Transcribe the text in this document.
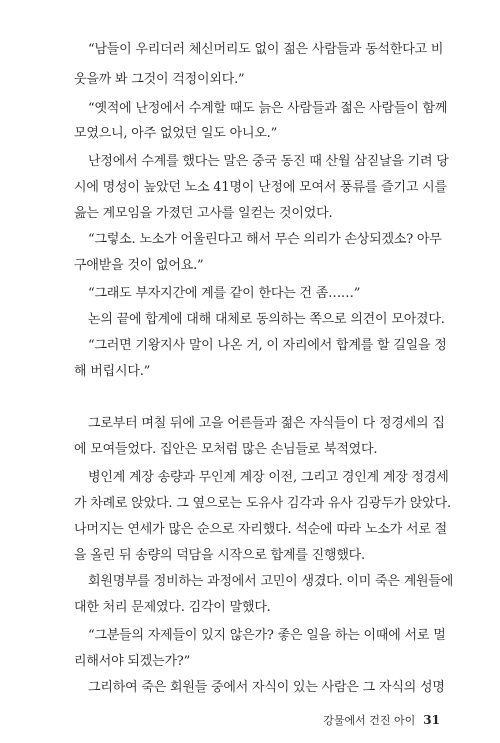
“남들이 우리더러 체신머리도 없이 젊은 사람들과 동석한다고 비
웃을까 봐 그것이 걱정이외다.”
“옛적에 난정에서 수계할 때도 늙은 사람들과 젊은 사람들이 함께
모였으니, 아주 없었던 일도 아니오.”
난정에서 수계를 했다는 말은 중국 동진 때 산월 삼짇날을 기려 당
시에 명성이 높았던 노소 41명이 난정에 모여서 풍류를 즐기고 시를
읊는 계모임을 가졌던 고사를 일컫는 것이었다.
“그렇소. 노소가 어울린다고 해서 무슨 의리가 손상되겠소? 아무
구애받을 것이 없어요.”
“그래도 부자지간에 계를 같이 한다는 건 좀……”
논의 끝에 합계에 대해 대체로 동의하는 쪽으로 의견이 모아졌다.
“그러면 기왕지사 말이 나온 거, 이 자리에서 합계를 할 길일을 정
해 버립시다.”
그로부터 며칠 뒤에 고을 어른들과 젊은 자식들이 다 정경세의 집
에 모여들었다. 집안은 모처럼 많은 손님들로 북적였다.
병인계 계장 송량과 무인계 계장 이전, 그리고 경인계 계장 정경세
가 차례로 앉았다. 그 옆으로는 도유사 김각과 유사 김광두가 앉았다.
나머지는 연세가 많은 순으로 자리했다. 석순에 따라 노소가 서로 절
을 올린 뒤 송량의 덕담을 시작으로 합계를 진행했다.
회원명부를 정비하는 과정에서 고민이 생겼다. 이미 죽은 계원들에
대한 처리 문제였다. 김각이 말했다.
“그분들의 자제들이 있지 않은가? 좋은 일을 하는 이때에 서로 멀
리해서야 되겠는가?”
그리하여 죽은 회원들 중에서 자식이 있는 사람은 그 자식의 성명
강물에서 건진 아이 31
